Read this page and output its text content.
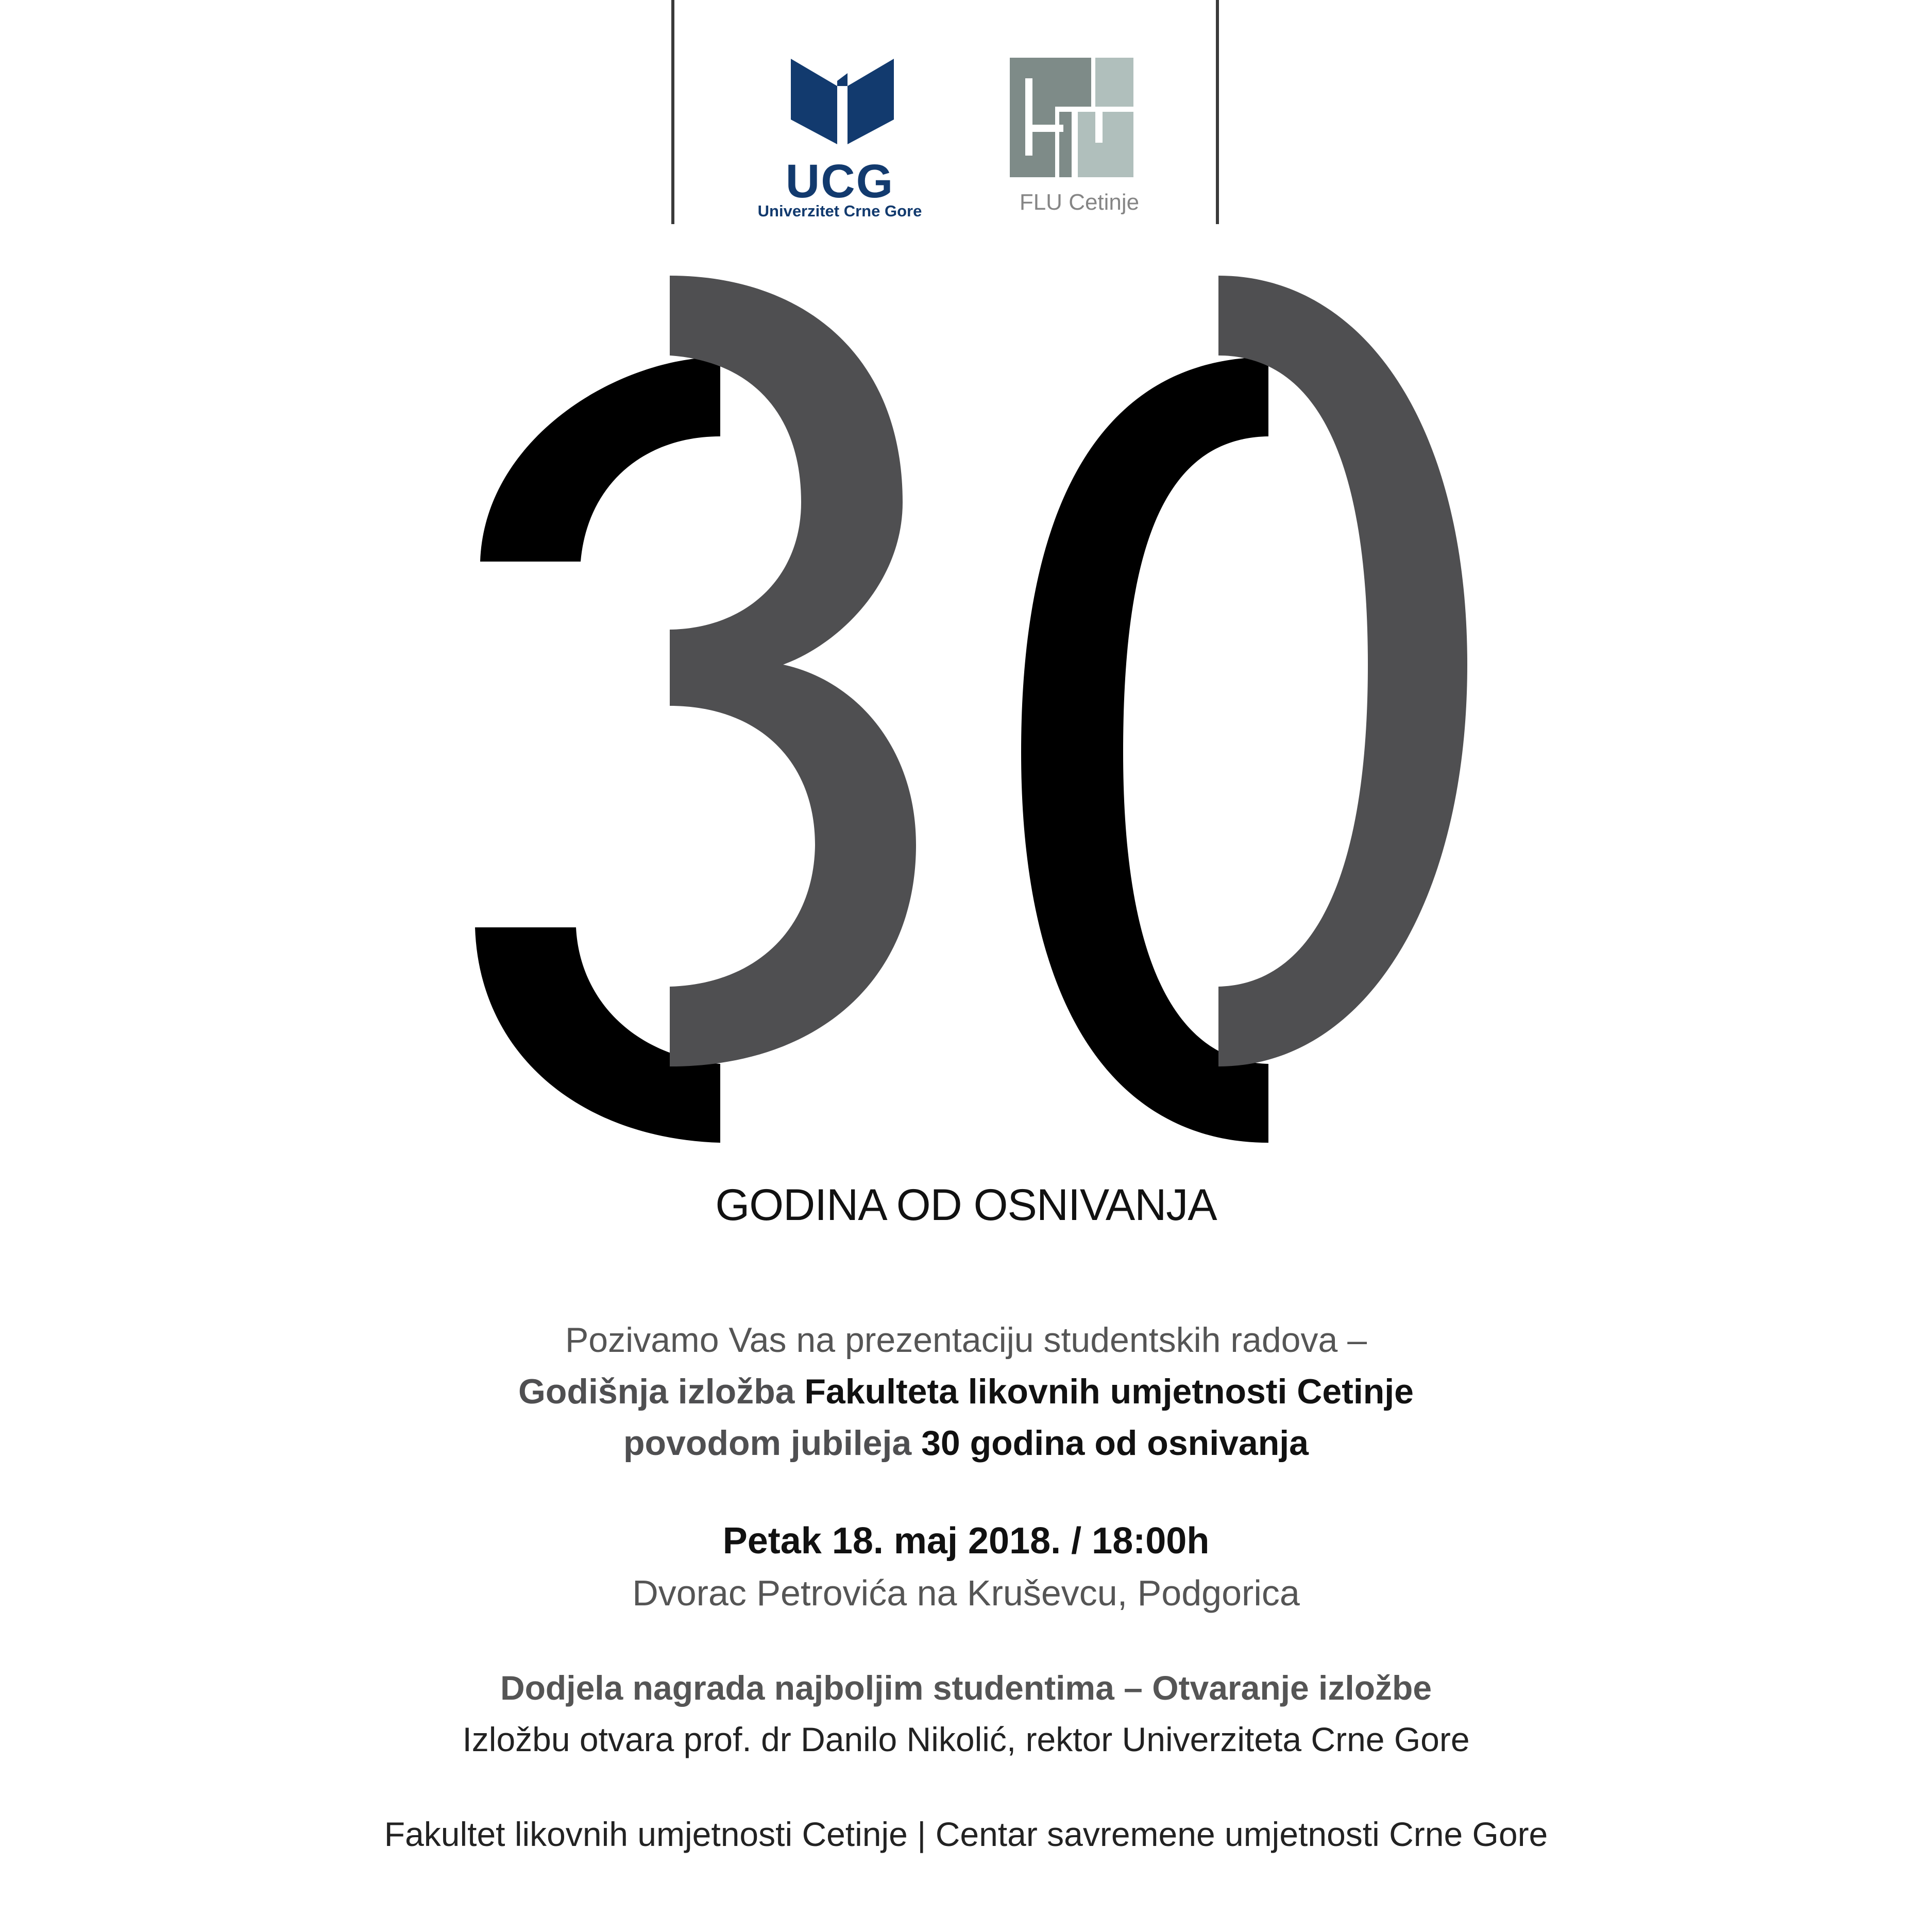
UCG
Univerzitet Crne Gore	FLU Cetinje
GODINA OD OSNIVANJA
Pozivamo Vas na prezentaciju studentskih radova –
Godišnja izložba Fakulteta likovnih umjetnosti Cetinje
povodom jubileja 30 godina od osnivanja
Petak 18. maj 2018. / 18:00h
Dvorac Petrovića na Kruševcu, Podgorica
Dodjela nagrada najboljim studentima – Otvaranje izložbe
Izložbu otvara prof. dr Danilo Nikolić, rektor Univerziteta Crne Gore
Fakultet likovnih umjetnosti Cetinje | Centar savremene umjetnosti Crne Gore
